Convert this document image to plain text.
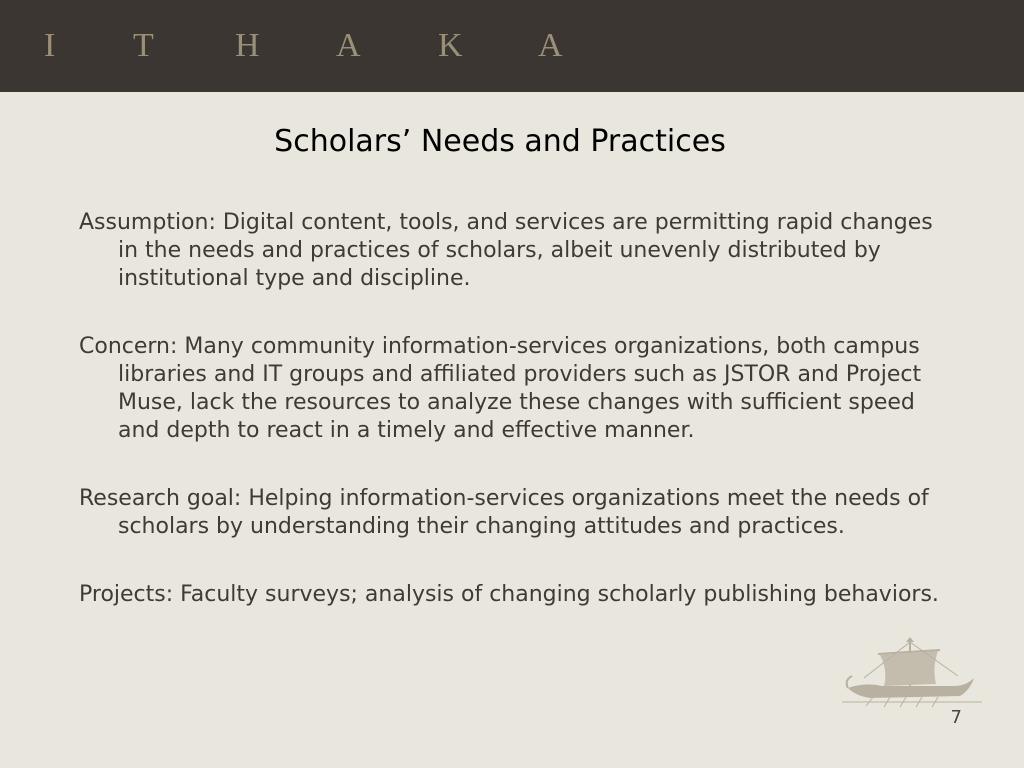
I T H A K A
Scholars’ Needs and Practices

Assumption: Digital content, tools, and services are permitting rapid changes in the needs and practices of scholars, albeit unevenly distributed by institutional type and discipline.

Concern: Many community information-services organizations, both campus libraries and IT groups and affiliated providers such as JSTOR and Project Muse, lack the resources to analyze these changes with sufficient speed and depth to react in a timely and effective manner.

Research goal: Helping information-services organizations meet the needs of scholars by understanding their changing attitudes and practices.

Projects: Faculty surveys; analysis of changing scholarly publishing behaviors.

7
